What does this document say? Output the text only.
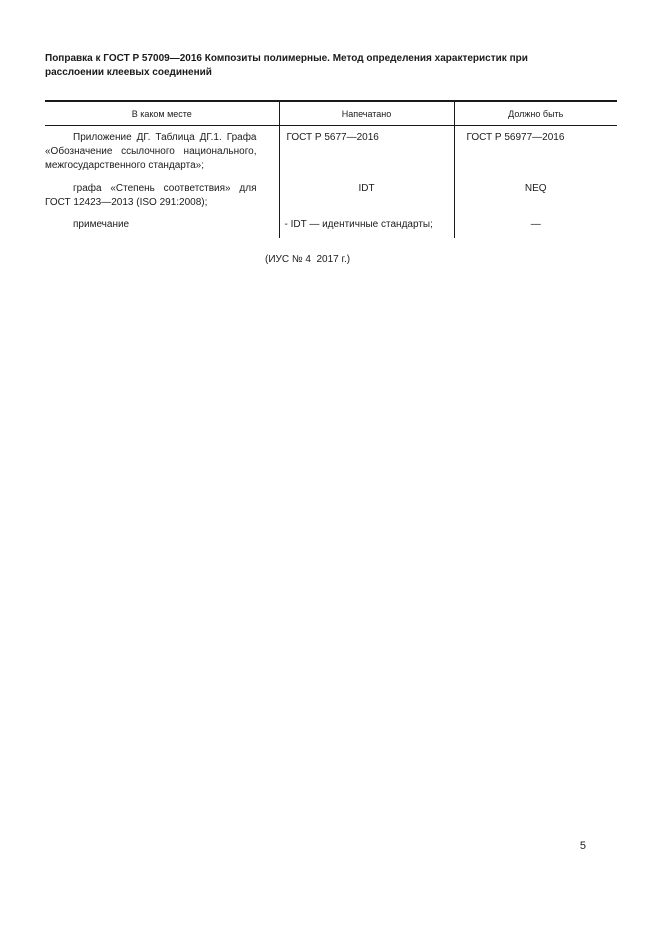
Поправка к ГОСТ Р 57009—2016 Композиты полимерные. Метод определения характеристик при
расслоении клеевых соединений
В каком месте	Напечатано	Должно быть
Приложение ДГ. Таблица ДГ.1. Графа «Обозначение ссылочного национального, межгосударственного стандарта»;	ГОСТ Р 5677—2016	ГОСТ Р 56977—2016
графа «Степень соответствия» для ГОСТ 12423—2013 (ISO 291:2008);	IDT	NEQ
примечание	- IDT — идентичные стандарты;	—
(ИУС № 4  2017 г.)
5
